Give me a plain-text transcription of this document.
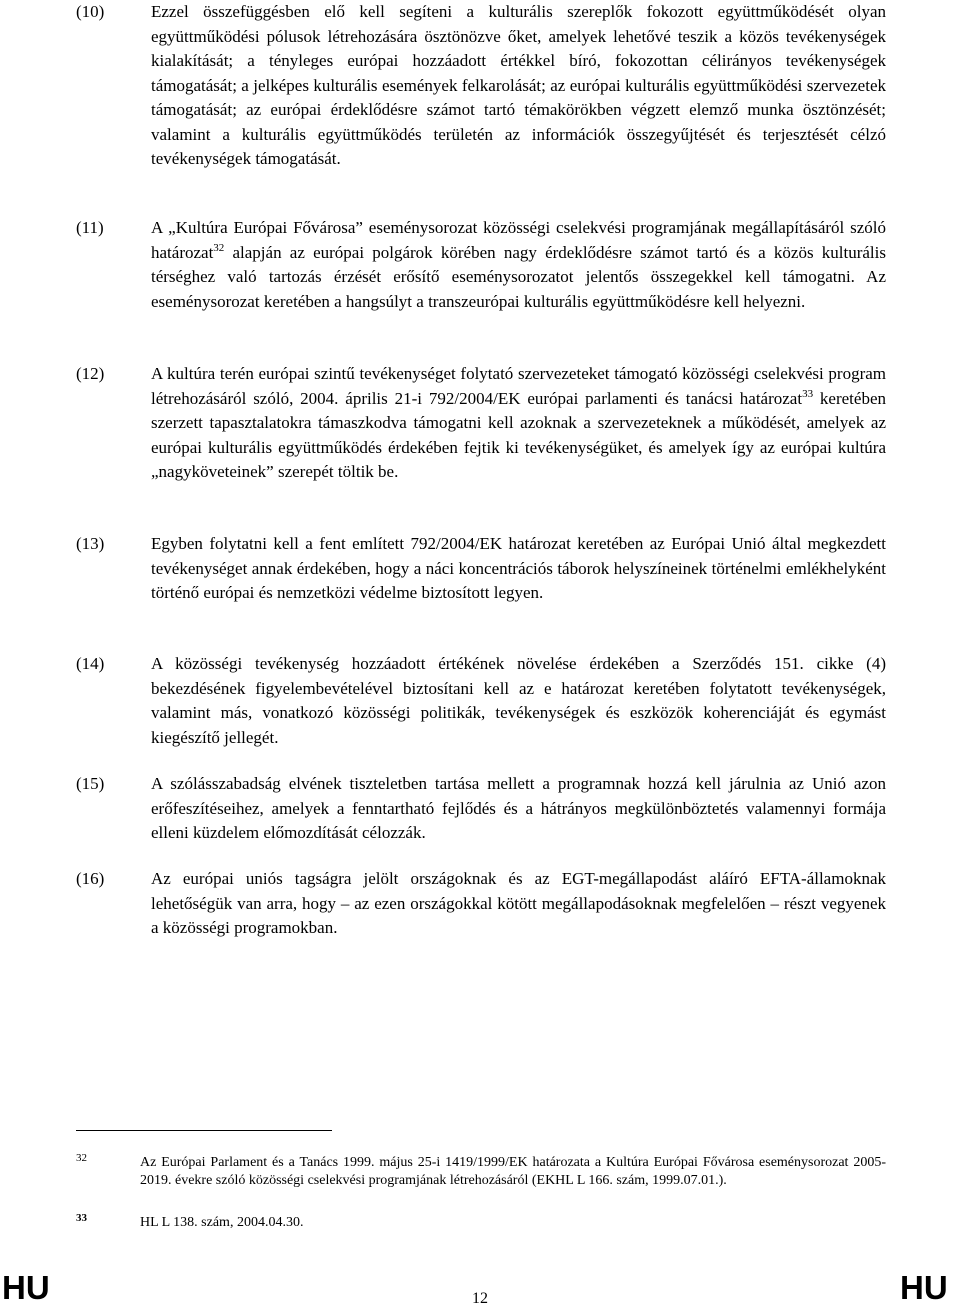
(10)	Ezzel összefüggésben elő kell segíteni a kulturális szereplők fokozott együttműködését olyan együttműködési pólusok létrehozására ösztönözve őket, amelyek lehetővé teszik a közös tevékenységek kialakítását; a tényleges európai hozzáadott értékkel bíró, fokozottan célirányos tevékenységek támogatását; a jelképes kulturális események felkarolását; az európai kulturális együttműködési szervezetek támogatását; az európai érdeklődésre számot tartó témakörökben végzett elemző munka ösztönzését; valamint a kulturális együttműködés területén az információk összegyűjtését és terjesztését célzó tevékenységek támogatását.
(11)	A „Kultúra Európai Fővárosa” eseménysorozat közösségi cselekvési programjának megállapításáról szóló határozat$^{32}$ alapján az európai polgárok körében nagy érdeklődésre számot tartó és a közös kulturális térséghez való tartozás érzését erősítő eseménysorozatot jelentős összegekkel kell támogatni. Az eseménysorozat keretében a hangsúlyt a transzeurópai kulturális együttműködésre kell helyezni.
(12)	A kultúra terén európai szintű tevékenységet folytató szervezeteket támogató közösségi cselekvési program létrehozásáról szóló, 2004. április 21-i 792/2004/EK európai parlamenti és tanácsi határozat$^{33}$ keretében szerzett tapasztalatokra támaszkodva támogatni kell azoknak a szervezeteknek a működését, amelyek az európai kulturális együttműködés érdekében fejtik ki tevékenységüket, és amelyek így az európai kultúra „nagyköveteinek” szerepét töltik be.
(13)	Egyben folytatni kell a fent említett 792/2004/EK határozat keretében az Európai Unió által megkezdett tevékenységet annak érdekében, hogy a náci koncentrációs táborok helyszíneinek történelmi emlékhelyként történő európai és nemzetközi védelme biztosított legyen.
(14)	A közösségi tevékenység hozzáadott értékének növelése érdekében a Szerződés 151. cikke (4) bekezdésének figyelembevételével biztosítani kell az e határozat keretében folytatott tevékenységek, valamint más, vonatkozó közösségi politikák, tevékenységek és eszközök koherenciáját és egymást kiegészítő jellegét.
(15)	A szólásszabadság elvének tiszteletben tartása mellett a programnak hozzá kell járulnia az Unió azon erőfeszítéseihez, amelyek a fenntartható fejlődés és a hátrányos megkülönböztetés valamennyi formája elleni küzdelem előmozdítását célozzák.
(16)	Az európai uniós tagságra jelölt országoknak és az EGT-megállapodást aláíró EFTA-államoknak lehetőségük van arra, hogy – az ezen országokkal kötött megállapodásoknak megfelelően – részt vegyenek a közösségi programokban.
32	Az Európai Parlament és a Tanács 1999. május 25-i 1419/1999/EK határozata a Kultúra Európai Fővárosa eseménysorozat 2005-2019. évekre szóló közösségi cselekvési programjának létrehozásáról (EKHL L 166. szám, 1999.07.01.).
33	HL L 138. szám, 2004.04.30.
HU	12	HU
